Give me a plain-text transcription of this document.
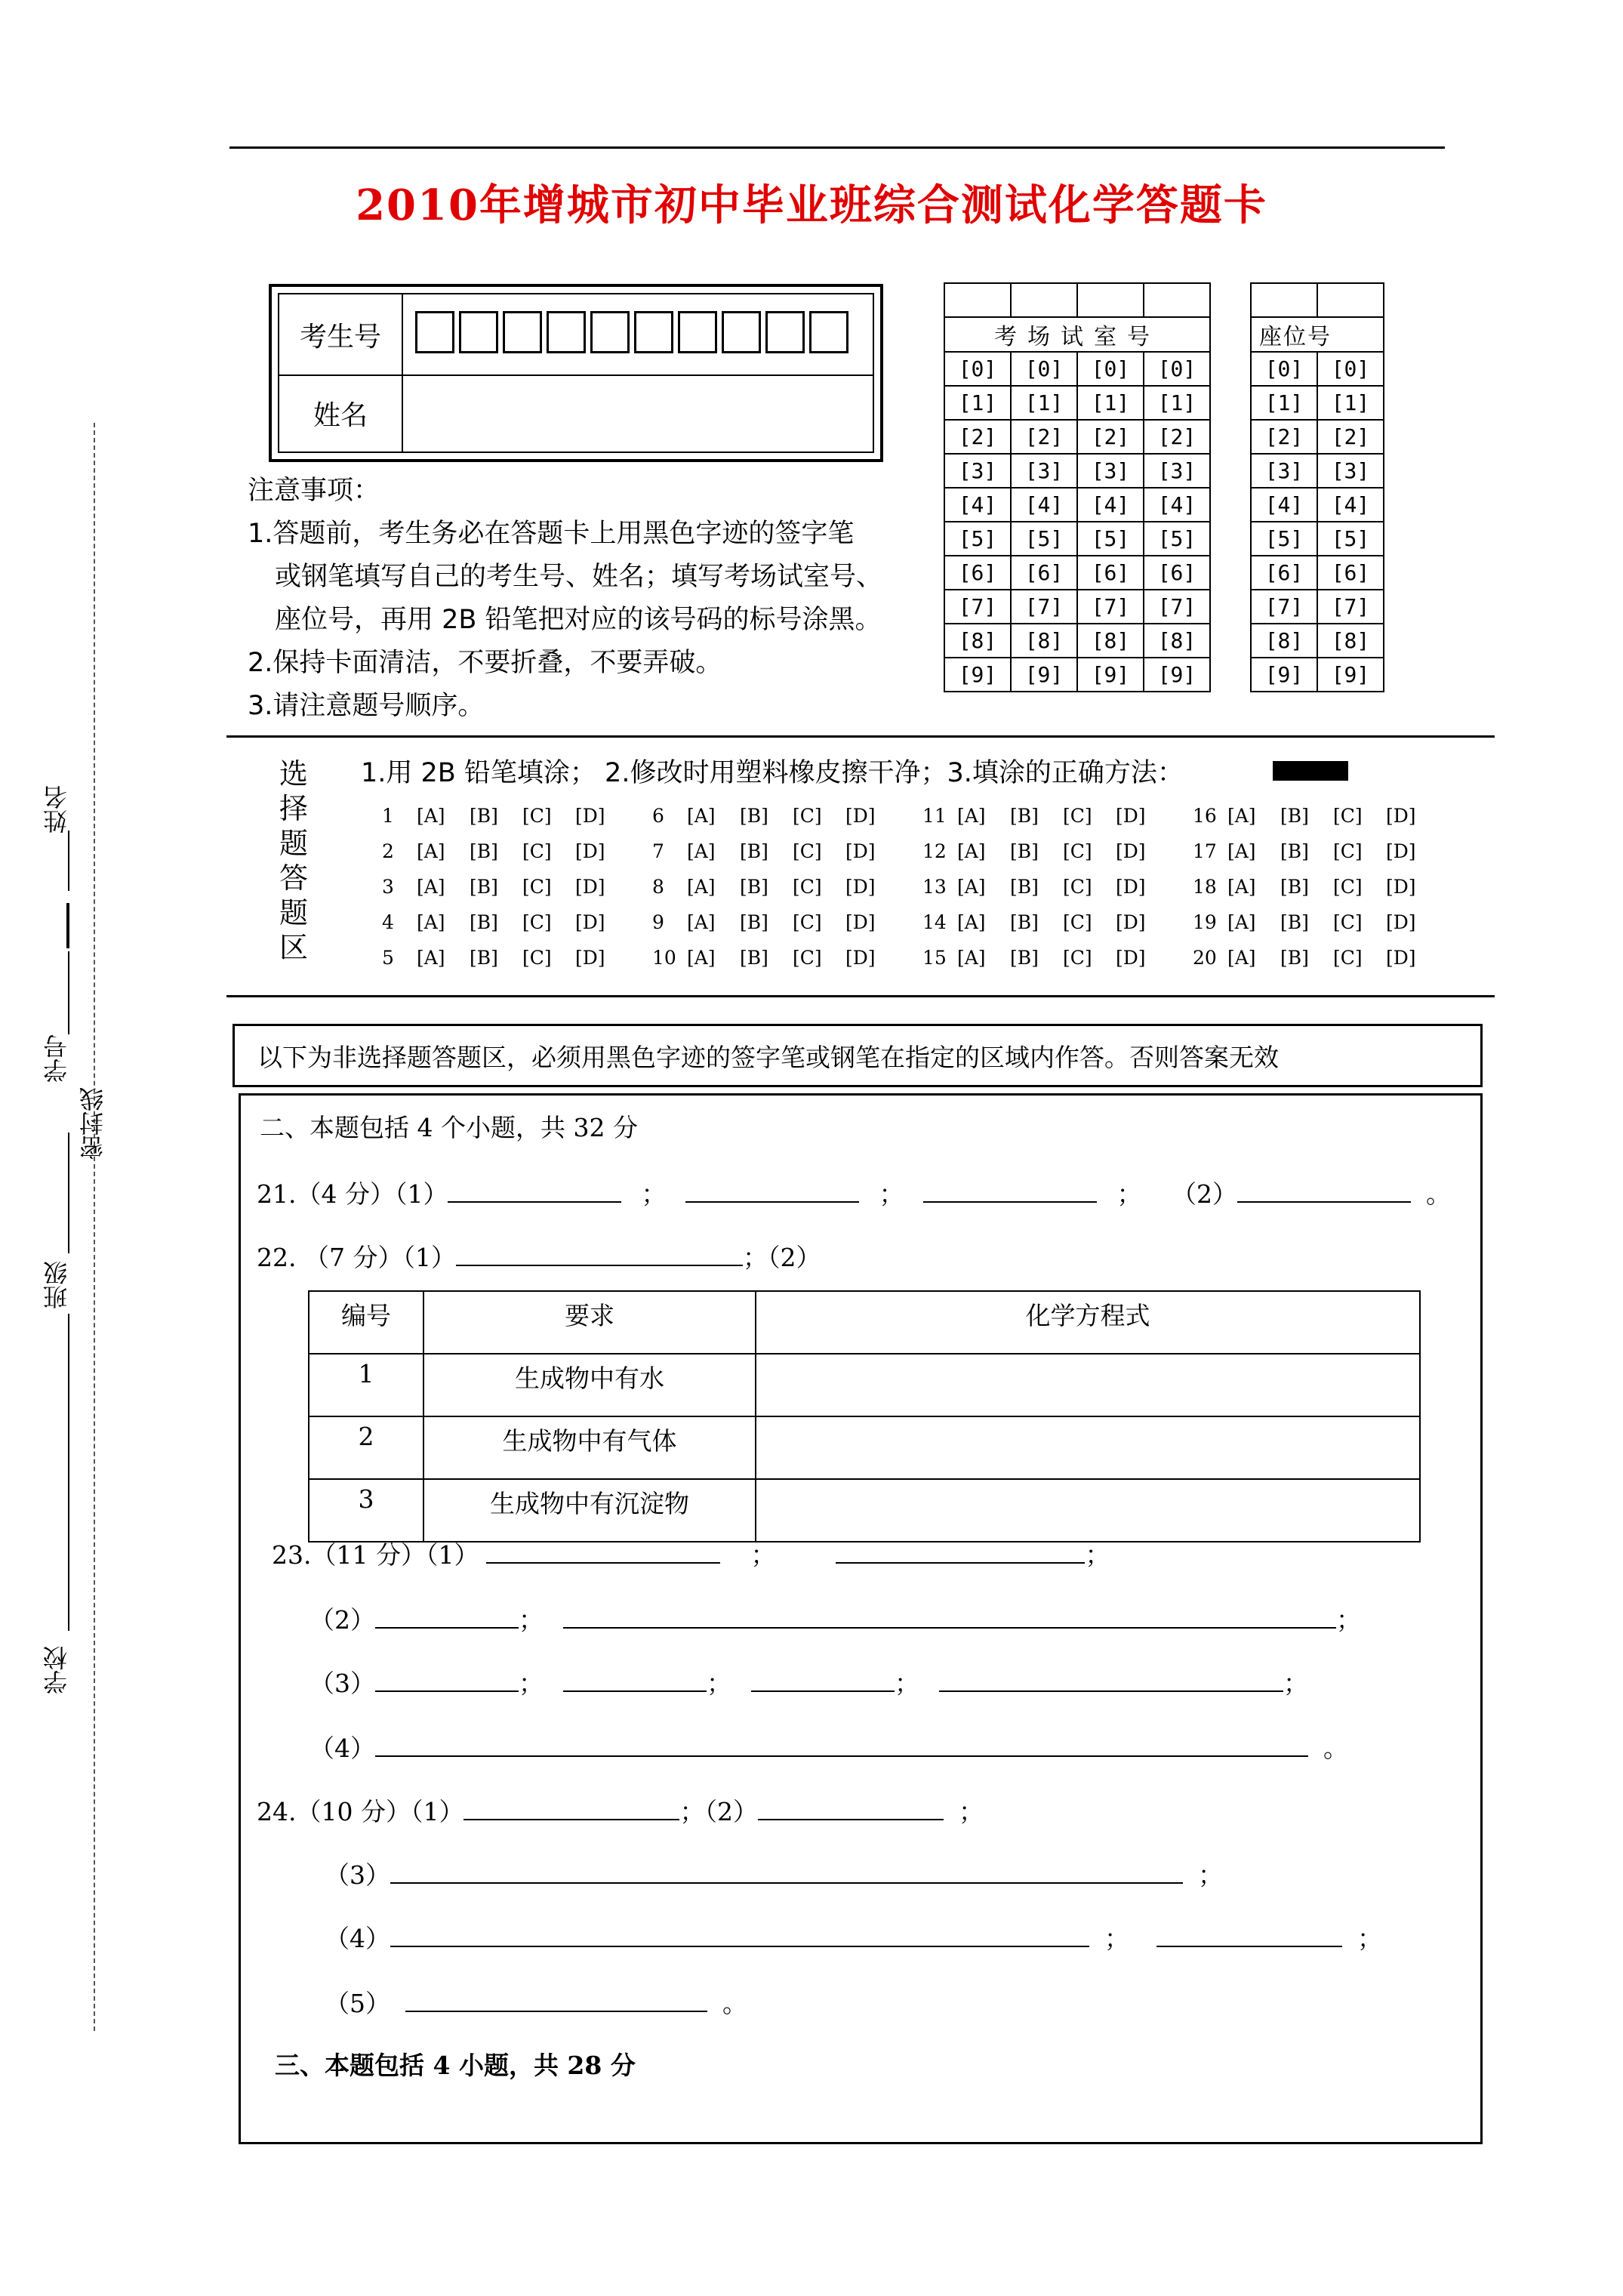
2010年增城市初中毕业班综合测试化学答题卡
考生号
姓名

考场试室号			
[0]	[0]	[0]	[0]
[1]	[1]	[1]	[1]
[2]	[2]	[2]	[2]
[3]	[3]	[3]	[3]
[4]	[4]	[4]	[4]
[5]	[5]	[5]	[5]
[6]	[6]	[6]	[6]
[7]	[7]	[7]	[7]
[8]	[8]	[8]	[8]
[9]	[9]	[9]	[9]

座位号	
[0]	[0]
[1]	[1]
[2]	[2]
[3]	[3]
[4]	[4]
[5]	[5]
[6]	[6]
[7]	[7]
[8]	[8]
[9]	[9]
注意事项：
1.答题前，考生务必在答题卡上用黑色字迹的签字笔
或钢笔填写自己的考生号、姓名；填写考场试室号、
座位号，再用 2B 铅笔把对应的该号码的标号涂黑。
2.保持卡面清洁，不要折叠，不要弄破。
3.请注意题号顺序。
选
择
题
答
题
区
1.用 2B 铅笔填涂； 2.修改时用塑料橡皮擦干净；3.填涂的正确方法：
1 [A] [B] [C] [D]
2 [A] [B] [C] [D]
3 [A] [B] [C] [D]
4 [A] [B] [C] [D]
5 [A] [B] [C] [D]
6 [A] [B] [C] [D]
7 [A] [B] [C] [D]
8 [A] [B] [C] [D]
9 [A] [B] [C] [D]
10 [A] [B] [C] [D]
11 [A] [B] [C] [D]
12 [A] [B] [C] [D]
13 [A] [B] [C] [D]
14 [A] [B] [C] [D]
15 [A] [B] [C] [D]
16 [A] [B] [C] [D]
17 [A] [B] [C] [D]
18 [A] [B] [C] [D]
19 [A] [B] [C] [D]
20 [A] [B] [C] [D]
以下为非选择题答题区，必须用黑色字迹的签字笔或钢笔在指定的区域内作答。否则答案无效
二、本题包括 4 个小题，共 32 分
21.（4 分）（1）	；	；	； （2）	。
22. （7 分）（1）	；（2）
编号	要求	化学方程式
1	生成物中有水	
2	生成物中有气体	
3	生成物中有沉淀物	
23.（11 分）（1）	；	；
（2）	；	；
（3）	；	；	；	；
（4）	。
24.（10 分）（1）	；（2）	；
（3）	；
（4）	；	；
（5）	。
三、本题包括 4 小题，共 28 分
姓名
学号
密封线
班级
学校
